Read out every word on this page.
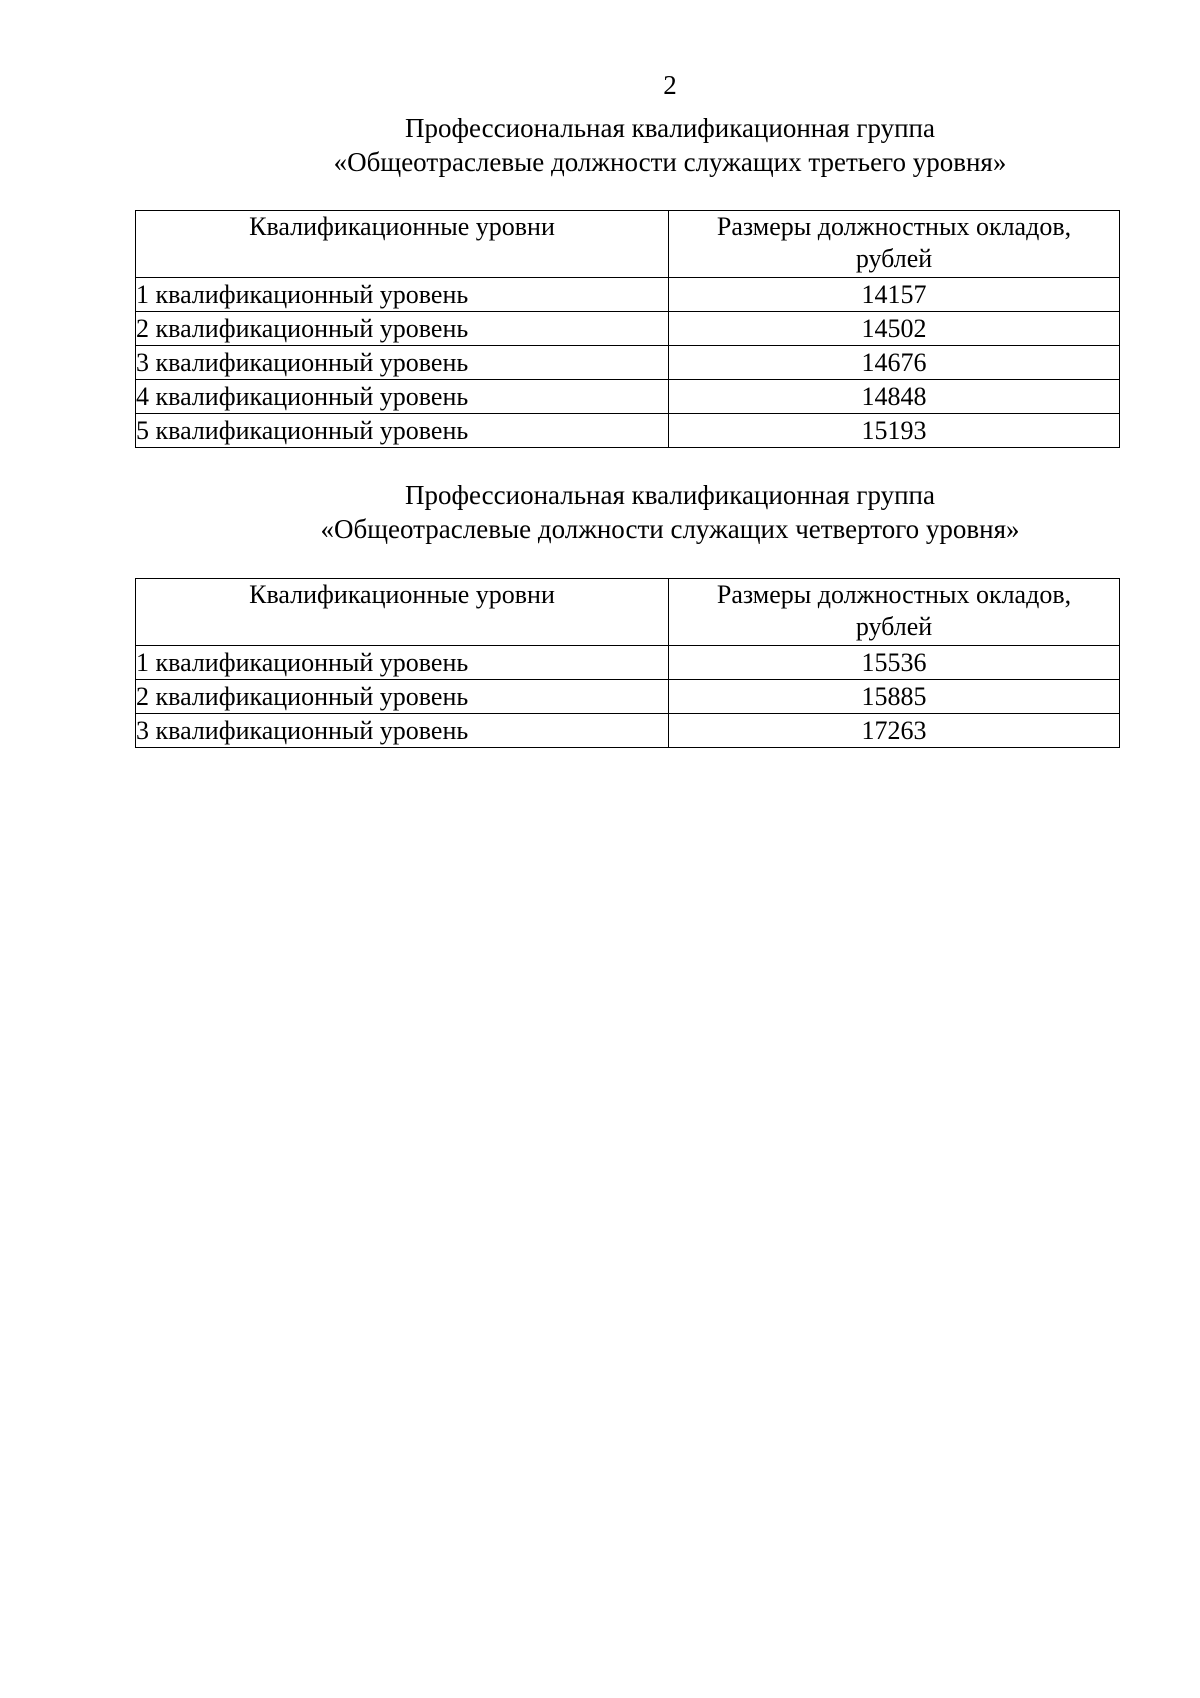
2
Профессиональная квалификационная группа
«Общеотраслевые должности служащих третьего уровня»
Квалификационные уровни	Размеры должностных окладов,
рублей

1 квалификационный уровень	14157
2 квалификационный уровень	14502
3 квалификационный уровень	14676
4 квалификационный уровень	14848
5 квалификационный уровень	15193
Профессиональная квалификационная группа
«Общеотраслевые должности служащих четвертого уровня»
Квалификационные уровни	Размеры должностных окладов,
рублей

1 квалификационный уровень	15536
2 квалификационный уровень	15885
3 квалификационный уровень	17263
